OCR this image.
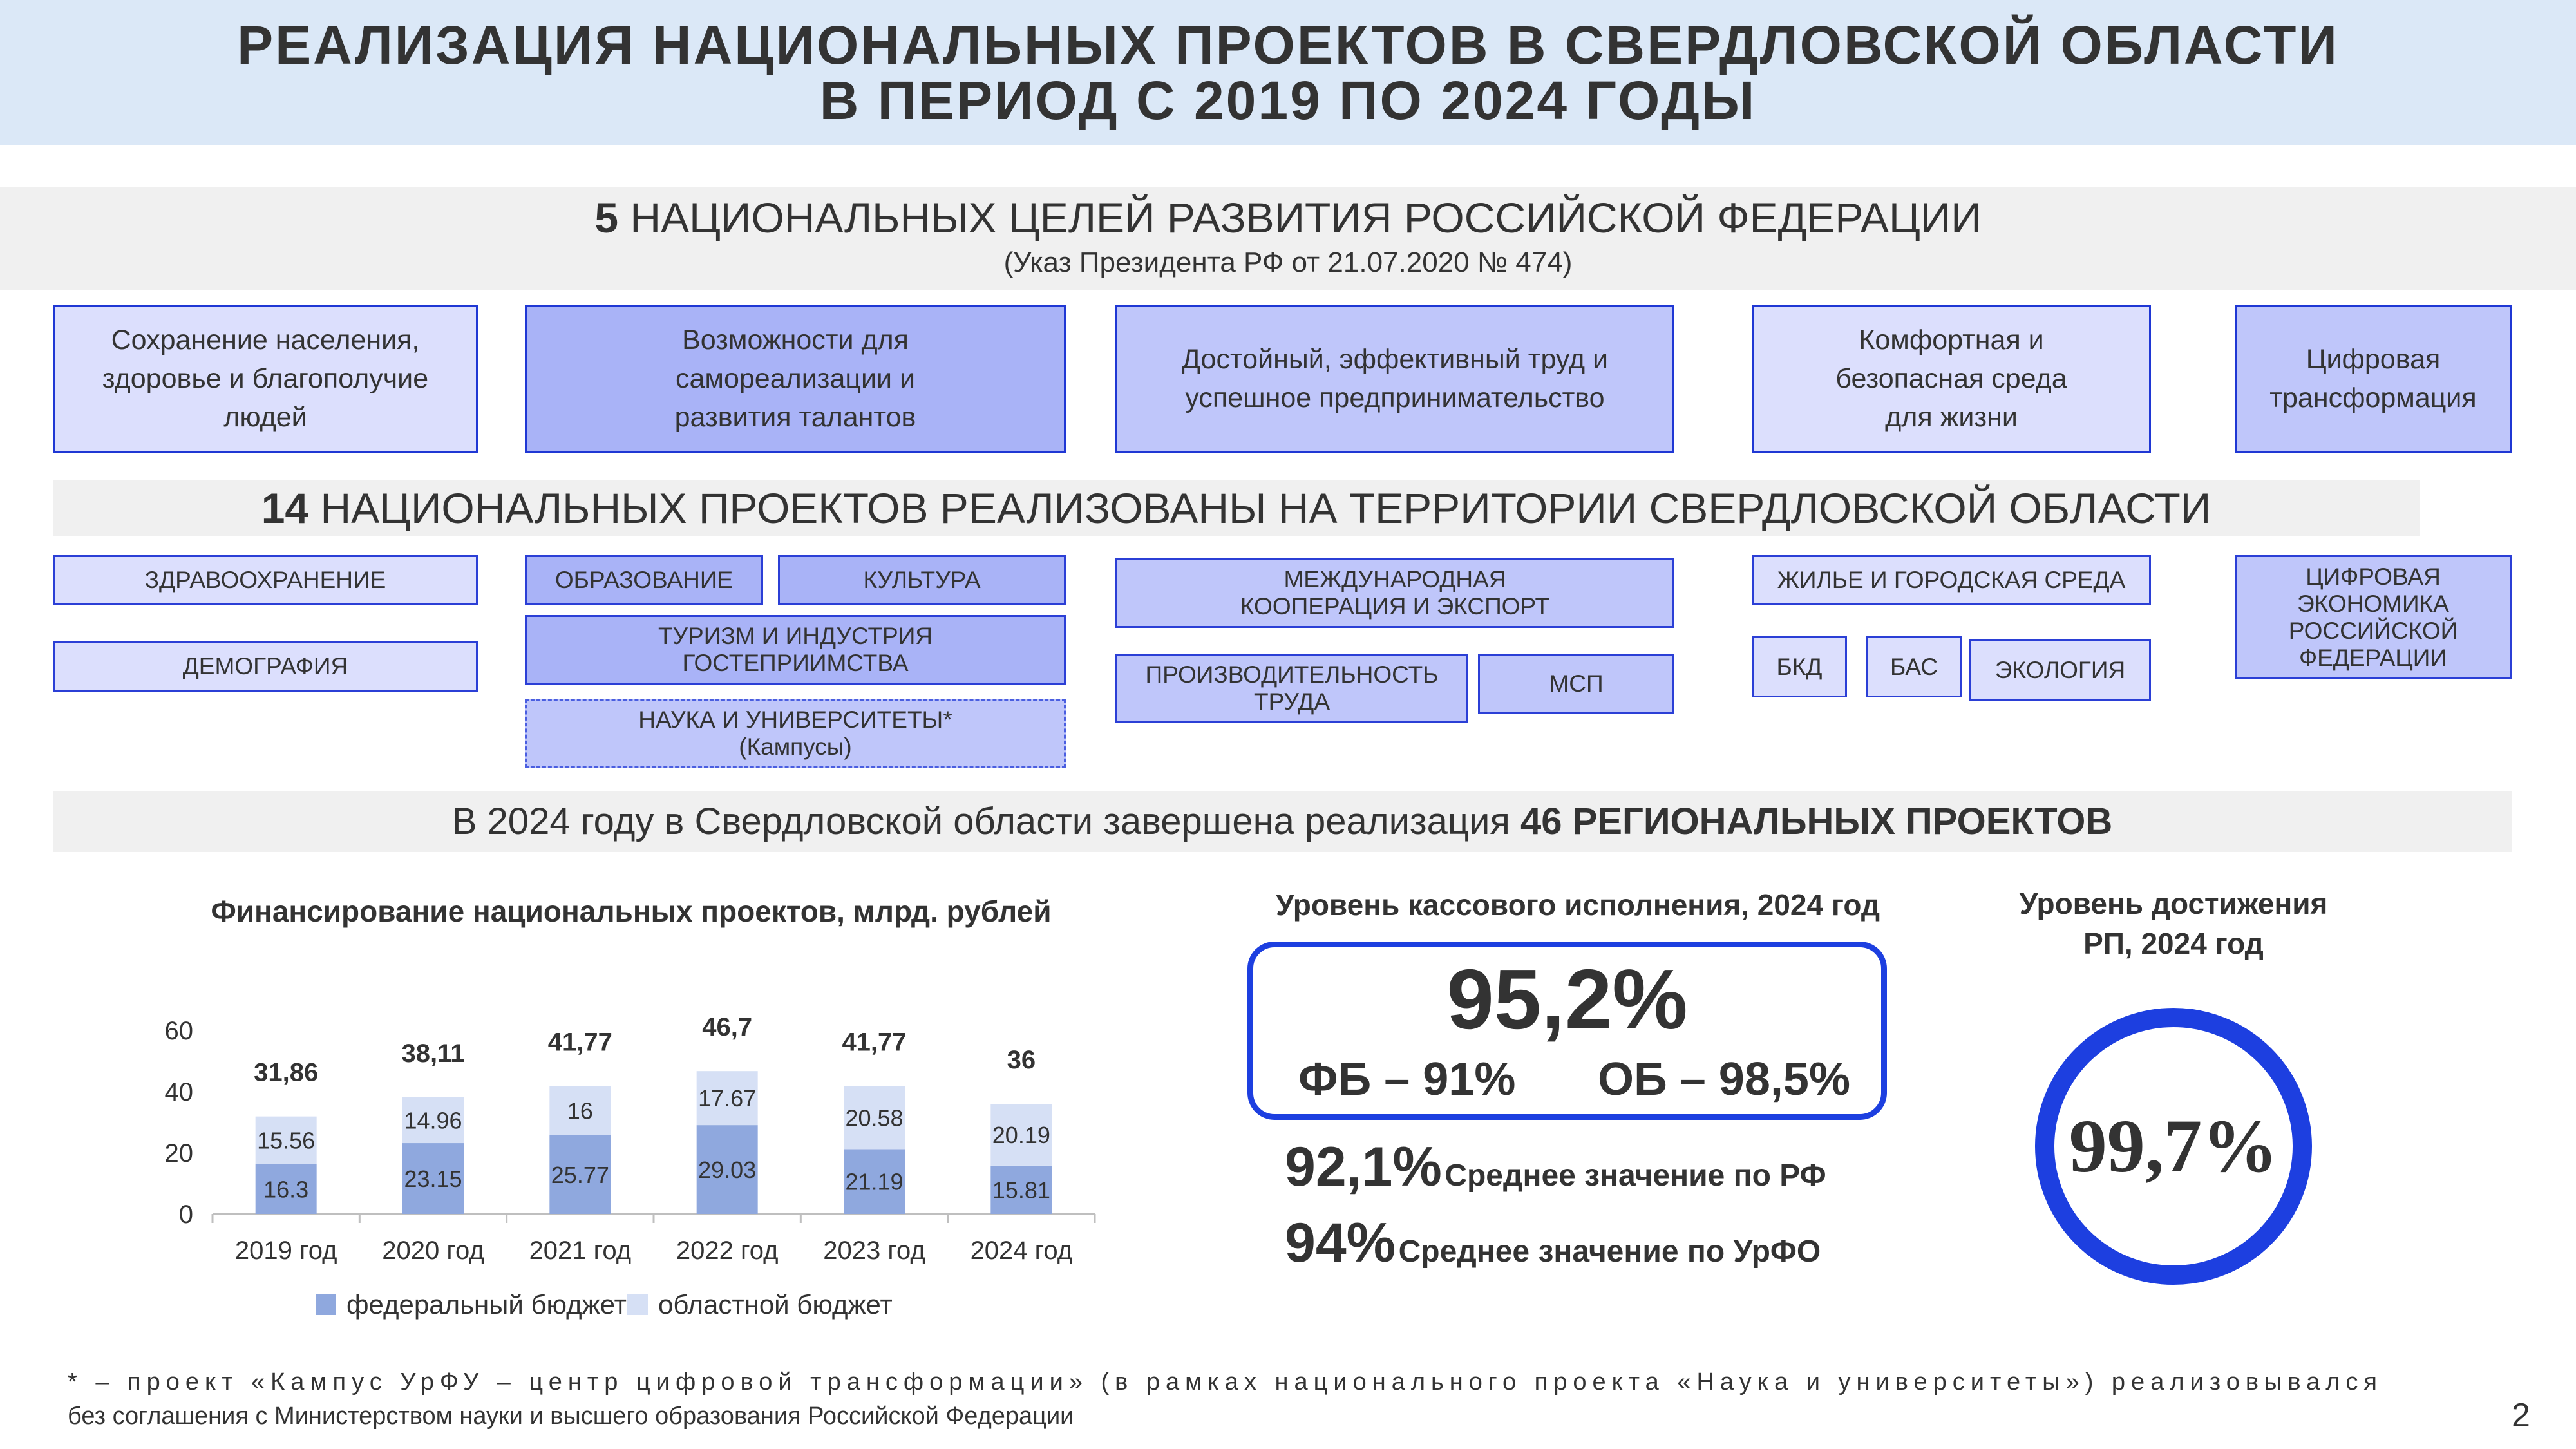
РЕАЛИЗАЦИЯ НАЦИОНАЛЬНЫХ ПРОЕКТОВ В СВЕРДЛОВСКОЙ ОБЛАСТИ
В ПЕРИОД С 2019 ПО 2024 ГОДЫ
5
НАЦИОНАЛЬНЫХ ЦЕЛЕЙ РАЗВИТИЯ РОССИЙСКОЙ ФЕДЕРАЦИИ
(Указ Президента РФ от 21.07.2020 № 474)
Сохранение населения, здоровье и благополучие людей
Возможности для самореализации и развития талантов
Достойный, эффективный труд и успешное предпринимательство
Комфортная и безопасная среда для жизни
Цифровая трансформация
14
НАЦИОНАЛЬНЫХ ПРОЕКТОВ РЕАЛИЗОВАНЫ НА ТЕРРИТОРИИ СВЕРДЛОВСКОЙ ОБЛАСТИ
ЗДРАВООХРАНЕНИЕ
ДЕМОГРАФИЯ
ОБРАЗОВАНИЕ	КУЛЬТУРА
ТУРИЗМ И ИНДУСТРИЯ ГОСТЕПРИИМСТВА
НАУКА И УНИВЕРСИТЕТЫ*
(Кампусы)
МЕЖДУНАРОДНАЯ КООПЕРАЦИЯ И ЭКСПОРТ
ПРОИЗВОДИТЕЛЬНОСТЬ ТРУДА
МСП
ЖИЛЬЕ И ГОРОДСКАЯ СРЕДА
БКД	БАС	ЭКОЛОГИЯ
ЦИФРОВАЯ ЭКОНОМИКА РОССИЙСКОЙ ФЕДЕРАЦИИ
В 2024 году в Свердловской области завершена реализация 46 РЕГИОНАЛЬНЫХ ПРОЕКТОВ
Финансирование национальных проектов, млрд. рублей
0
20
40
60
16.3
15.56
31,86
2019 год
23.15
14.96
38,11
2020 год
25.77
16
41,77
2021 год
29.03
17.67
46,7
2022 год
21.19
20.58
41,77
2023 год
15.81
20.19
36
2024 год
федеральный бюджет областной бюджет
Уровень кассового исполнения, 2024 год
95,2%
ФБ – 91%	ОБ – 98,5%
92,1% Среднее значение по РФ
94% Среднее значение по УрФО
Уровень достижения
РП, 2024 год
99,7%
* – проект «Кампус УрФУ – центр цифровой трансформации» (в рамках национального проекта «Наука и университеты») реализовывался
без соглашения с Министерством науки и высшего образования Российской Федерации	2
